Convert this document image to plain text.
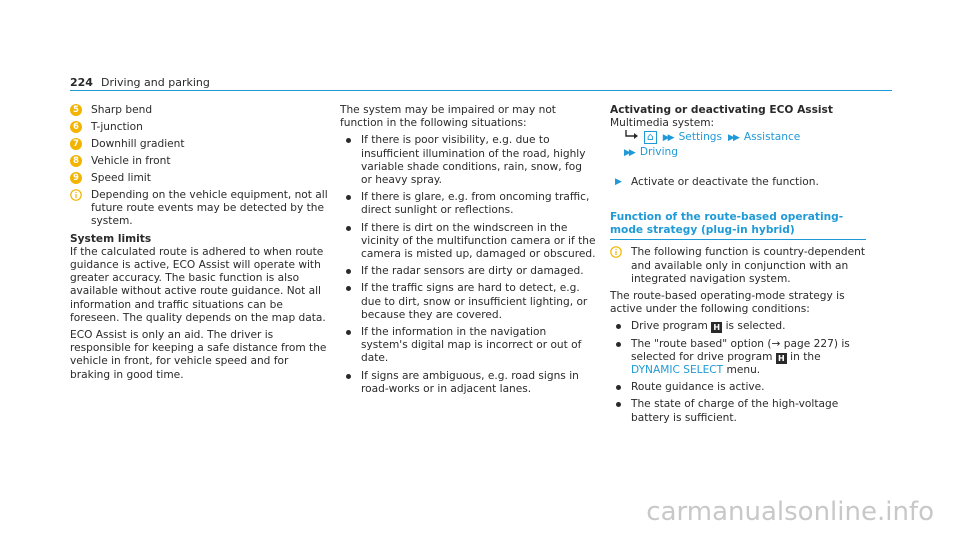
224 Driving and parking
5 Sharp bend
6 T-junction
7 Downhill gradient
8 Vehicle in front
9 Speed limit

Depending on the vehicle equipment, not all future route events may be detected by the system.

System limits

If the calculated route is adhered to when route guidance is active, ECO Assist will operate with greater accuracy. The basic function is also available without active route guidance. Not all information and traffic situations can be foreseen. The quality depends on the map data.

ECO Assist is only an aid. The driver is responsible for keeping a safe distance from the vehicle in front, for vehicle speed and for braking in good time.

The system may be impaired or may not function in the following situations:

If there is poor visibility, e.g. due to insufficient illumination of the road, highly variable shade conditions, rain, snow, fog or heavy spray.
If there is glare, e.g. from oncoming traffic, direct sunlight or reflections.
If there is dirt on the windscreen in the vicinity of the multifunction camera or if the camera is misted up, damaged or obscured.
If the radar sensors are dirty or damaged.
If the traffic signs are hard to detect, e.g. due to dirt, snow or insufficient lighting, or because they are covered.
If the information in the navigation system's digital map is incorrect or out of date.
If signs are ambiguous, e.g. road signs in road-works or in adjacent lanes.

Activating or deactivating ECO Assist

Multimedia system:

⌂ ▶▶ Settings ▶▶ Assistance
▶▶ Driving
▶ Activate or deactivate the function.

Function of the route-based operating-mode strategy (plug-in hybrid)

The following function is country-dependent and available only in conjunction with an integrated navigation system.

The route-based operating-mode strategy is active under the following conditions:

Drive program H is selected.
The "route based" option (→ page 227) is selected for drive program H in the
DYNAMIC SELECT menu.
Route guidance is active.
The state of charge of the high-voltage battery is sufficient.
carmanualsonline.info
